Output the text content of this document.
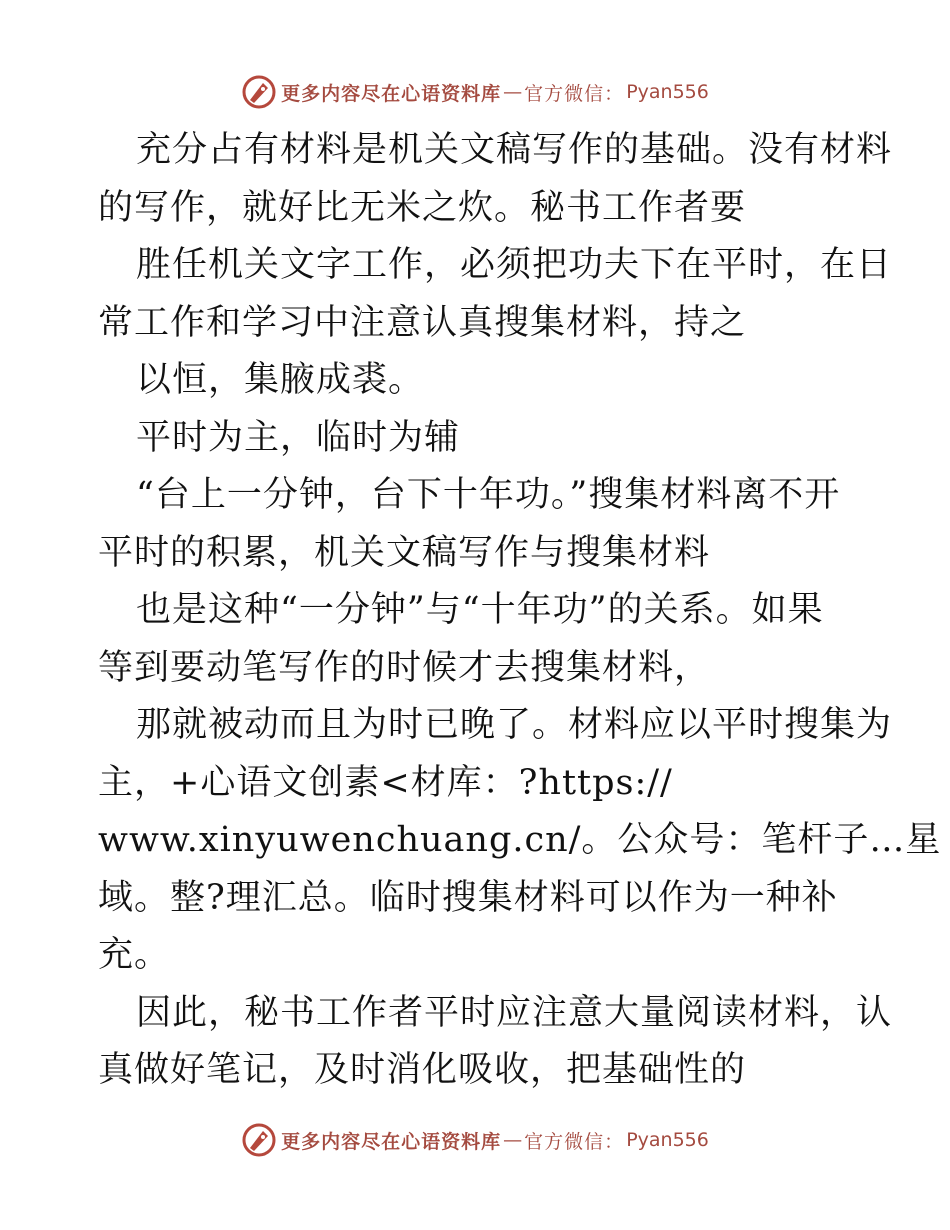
更多内容尽在心语资料库 — 官方微信： Pyan556
充分占有材料是机关文稿写作的基础。没有材料
的写作，就好比无米之炊。秘书工作者要
胜任机关文字工作，必须把功夫下在平时，在日
常工作和学习中注意认真搜集材料，持之
以恒，集腋成裘。
平时为主，临时为辅
“台上一分钟，台下十年功。”搜集材料离不开
平时的积累，机关文稿写作与搜集材料
也是这种“一分钟”与“十年功”的关系。如果
等到要动笔写作的时候才去搜集材料，
那就被动而且为时已晚了。材料应以平时搜集为
主，+心语文创素<材库：?https://
www.xinyuwenchuang.cn/。公众号：笔杆子…星
域。整?理汇总。临时搜集材料可以作为一种补
充。
因此，秘书工作者平时应注意大量阅读材料，认
真做好笔记，及时消化吸收，把基础性的
更多内容尽在心语资料库 — 官方微信： Pyan556
